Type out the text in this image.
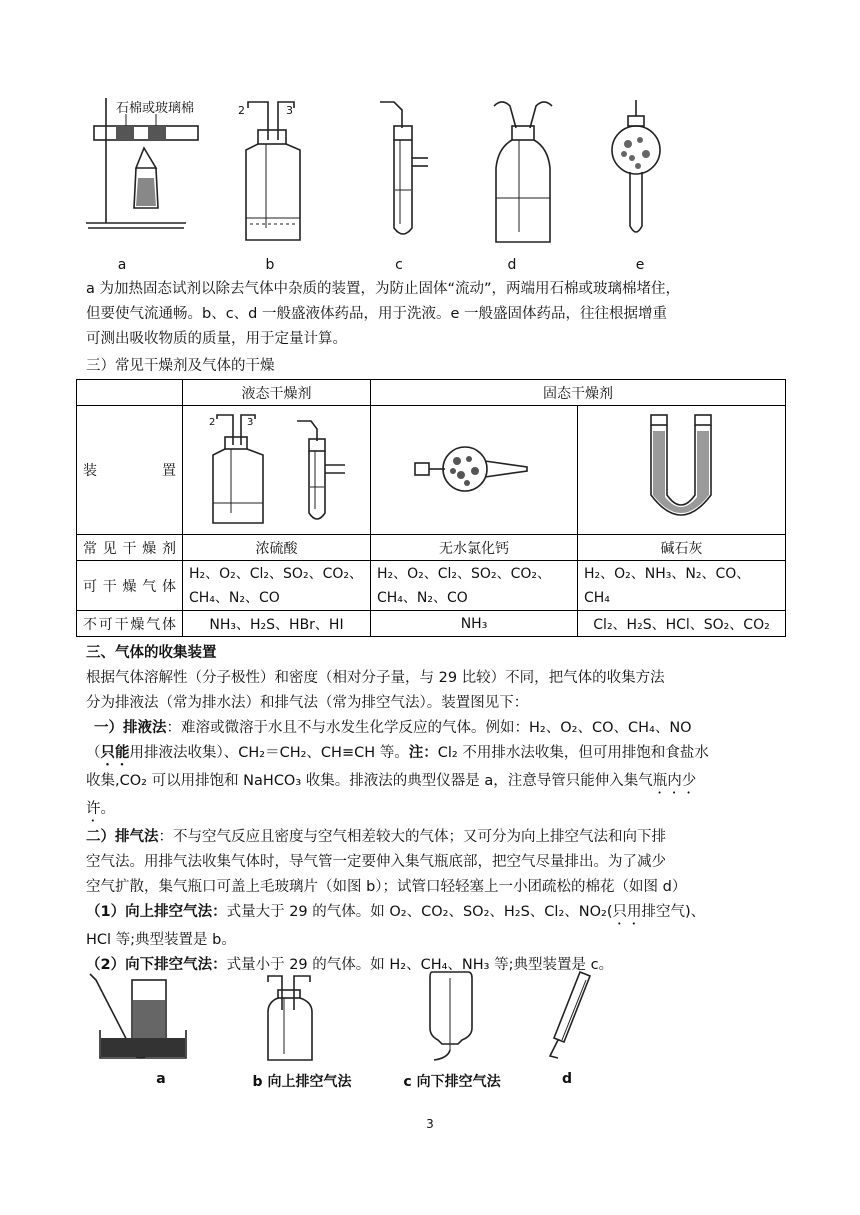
石棉或玻璃棉	2	3
a	b	c	d	e

a 为加热固态试剂以除去气体中杂质的装置，为防止固体“流动”，两端用石棉或玻璃棉堵住，
但要使气流通畅。b、c、d 一般盛液体药品，用于洗液。e 一般盛固体药品，往往根据增重
可测出吸收物质的质量，用于定量计算。

三）常见干燥剂及气体的干燥
	液态干燥剂	固态干燥剂	
装置	2 3

常见干燥剂	浓硫酸	无水氯化钙	碱石灰
可干燥气体	H₂、O₂、Cl₂、SO₂、CO₂、
CH₄、N₂、CO	H₂、O₂、Cl₂、SO₂、CO₂、
CH₄、N₂、CO	H₂、O₂、NH₃、N₂、CO、
CH₄

不可干燥气体	NH₃、H₂S、HBr、HI	NH₃	Cl₂、H₂S、HCl、SO₂、CO₂
三、气体的收集装置
根据气体溶解性（分子极性）和密度（相对分子量，与 29 比较）不同，把气体的收集方法
分为排液法（常为排水法）和排气法（常为排空气法）。装置图见下：
一）排液法：难溶或微溶于水且不与水发生化学反应的气体。例如：H₂、O₂、CO、CH₄、NO
（只能用排液法收集）、CH₂＝CH₂、CH≡CH 等。注：Cl₂ 不用排水法收集，但可用排饱和食盐水
收集,CO₂ 可以用排饱和 NaHCO₃ 收集。排液法的典型仪器是 a，注意导管只能伸入集气瓶内少
许。
二）排气法：不与空气反应且密度与空气相差较大的气体；又可分为向上排空气法和向下排
空气法。用排气法收集气体时，导气管一定要伸入集气瓶底部，把空气尽量排出。为了减少
空气扩散，集气瓶口可盖上毛玻璃片（如图 b）；试管口轻轻塞上一小团疏松的棉花（如图 d）
（1）向上排空气法：式量大于 29 的气体。如 O₂、CO₂、SO₂、H₂S、Cl₂、NO₂(只用排空气)、
HCl 等;典型装置是 b。
（2）向下排空气法：式量小于 29 的气体。如 H₂、CH₄、NH₃ 等;典型装置是 c。
a	b 向上排空气法	c 向下排空气法	d
3
